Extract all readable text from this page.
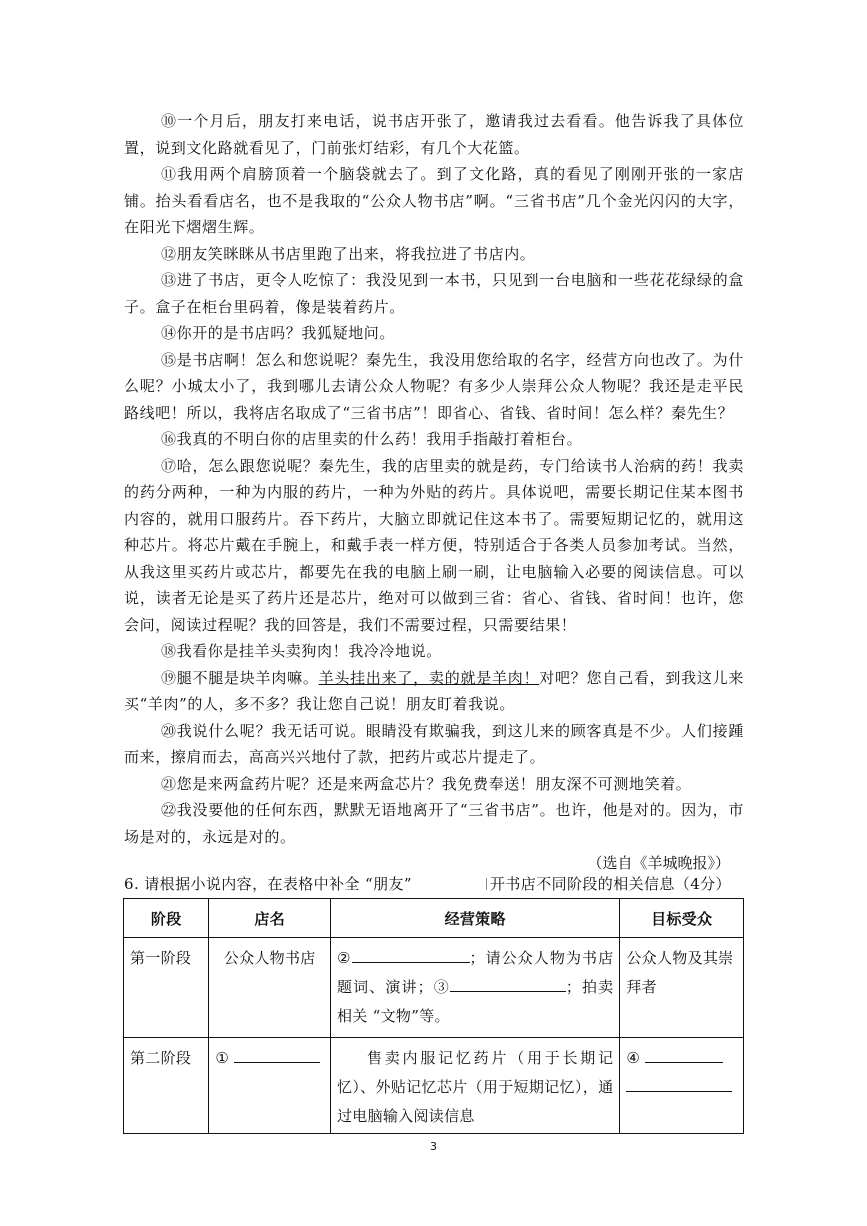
⑩一个月后，朋友打来电话，说书店开张了，邀请我过去看看。他告诉我了具体位置，说到文化路就看见了，门前张灯结彩，有几个大花篮。

⑪我用两个肩膀顶着一个脑袋就去了。到了文化路，真的看见了刚刚开张的一家店铺。抬头看看店名，也不是我取的“公众人物书店”啊。“三省书店”几个金光闪闪的大字，在阳光下熠熠生辉。

⑫朋友笑眯眯从书店里跑了出来，将我拉进了书店内。

⑬进了书店，更令人吃惊了：我没见到一本书，只见到一台电脑和一些花花绿绿的盒子。盒子在柜台里码着，像是装着药片。

⑭你开的是书店吗？我狐疑地问。

⑮是书店啊！怎么和您说呢？秦先生，我没用您给取的名字，经营方向也改了。为什么呢？小城太小了，我到哪儿去请公众人物呢？有多少人崇拜公众人物呢？我还是走平民路线吧！所以，我将店名取成了“三省书店”！即省心、省钱、省时间！怎么样？秦先生？

⑯我真的不明白你的店里卖的什么药！我用手指敲打着柜台。

⑰哈，怎么跟您说呢？秦先生，我的店里卖的就是药，专门给读书人治病的药！我卖的药分两种，一种为内服的药片，一种为外贴的药片。具体说吧，需要长期记住某本图书内容的，就用口服药片。吞下药片，大脑立即就记住这本书了。需要短期记忆的，就用这种芯片。将芯片戴在手腕上，和戴手表一样方便，特别适合于各类人员参加考试。当然，从我这里买药片或芯片，都要先在我的电脑上刷一刷，让电脑输入必要的阅读信息。可以说，读者无论是买了药片还是芯片，绝对可以做到三省：省心、省钱、省时间！也许，您会问，阅读过程呢？我的回答是，我们不需要过程，只需要结果！

⑱我看你是挂羊头卖狗肉！我冷冷地说。

⑲腿不腿是块羊肉嘛。羊头挂出来了，卖的就是羊肉！对吧？您自己看，到我这儿来买“羊肉”的人，多不多？我让您自己说！朋友盯着我说。

⑳我说什么呢？我无话可说。眼睛没有欺骗我，到这儿来的顾客真是不少。人们接踵而来，擦肩而去，高高兴兴地付了款，把药片或芯片提走了。

㉑您是来两盒药片呢？还是来两盒芯片？我免费奉送！朋友深不可测地笑着。

㉒我没要他的任何东西，默默无语地离开了“三省书店”。也许，他是对的。因为，市场是对的，永远是对的。

（选自《羊城晚报》）

6. 请根据小说内容，在表格中补全 “朋友”	开书店不同阶段的相关信息（4分）
阶段	店名	经营策略	目标受众
第一阶段	公众人物书店	② ；请公众人物为书店题词、演讲；③ ；拍卖相关 “文物”等。	公众人物及其崇拜者
第二阶段	①	售卖内服记忆药片（用于长期记忆）、外贴记忆芯片（用于短期记忆），通过电脑输入阅读信息	④

3
